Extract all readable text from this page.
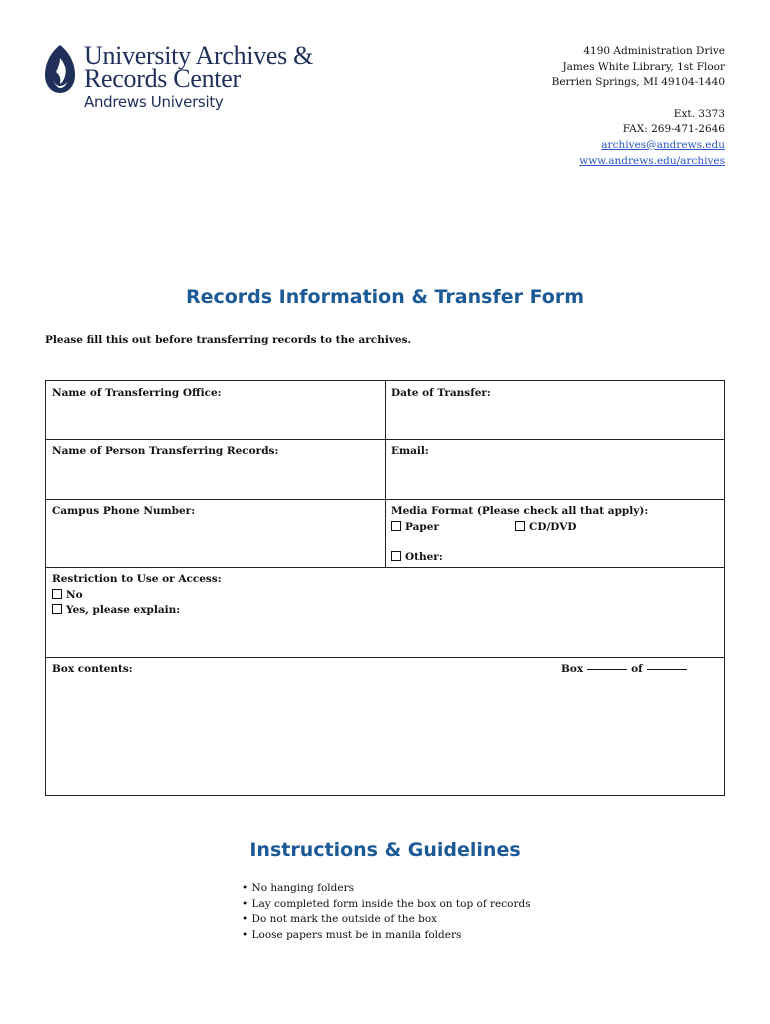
University Archives &
Records Center
Andrews University
4190 Administration Drive
James White Library, 1st Floor
Berrien Springs, MI 49104-1440
Ext. 3373
FAX: 269-471-2646
archives@andrews.edu
www.andrews.edu/archives
Records Information & Transfer Form
Please fill this out before transferring records to the archives.
Name of Transferring Office:	Date of Transfer:
Name of Person Transferring Records:	Email:
Campus Phone Number:	Media Format (Please check all that apply):
Paper	CD/DVD
Other:
Restriction to Use or Access:
No
Yes, please explain:
Box contents:	Box	of
Instructions & Guidelines
• No hanging folders
• Lay completed form inside the box on top of records
• Do not mark the outside of the box
• Loose papers must be in manila folders
